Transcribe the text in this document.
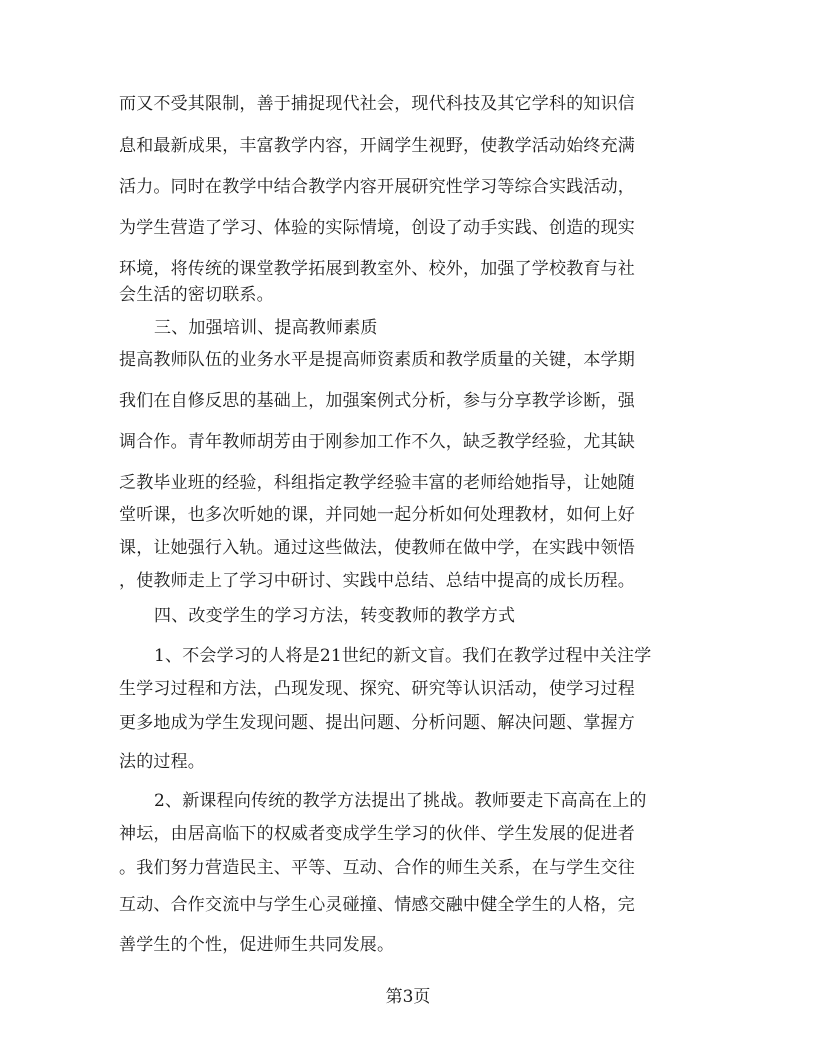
而又不受其限制，善于捕捉现代社会，现代科技及其它学科的知识信
息和最新成果，丰富教学内容，开阔学生视野，使教学活动始终充满
活力。同时在教学中结合教学内容开展研究性学习等综合实践活动，
为学生营造了学习、体验的实际情境，创设了动手实践、创造的现实
环境，将传统的课堂教学拓展到教室外、校外，加强了学校教育与社
会生活的密切联系。
三、加强培训、提高教师素质
提高教师队伍的业务水平是提高师资素质和教学质量的关键，本学期
我们在自修反思的基础上，加强案例式分析，参与分享教学诊断，强
调合作。青年教师胡芳由于刚参加工作不久，缺乏教学经验，尤其缺
乏教毕业班的经验，科组指定教学经验丰富的老师给她指导，让她随
堂听课，也多次听她的课，并同她一起分析如何处理教材，如何上好
课，让她强行入轨。通过这些做法，使教师在做中学，在实践中领悟
，使教师走上了学习中研讨、实践中总结、总结中提高的成长历程。
四、改变学生的学习方法，转变教师的教学方式
1、不会学习的人将是21世纪的新文盲。我们在教学过程中关注学
生学习过程和方法，凸现发现、探究、研究等认识活动，使学习过程
更多地成为学生发现问题、提出问题、分析问题、解决问题、掌握方
法的过程。
2、新课程向传统的教学方法提出了挑战。教师要走下高高在上的
神坛，由居高临下的权威者变成学生学习的伙伴、学生发展的促进者
。我们努力营造民主、平等、互动、合作的师生关系，在与学生交往
互动、合作交流中与学生心灵碰撞、情感交融中健全学生的人格，完
善学生的个性，促进师生共同发展。
第3页
